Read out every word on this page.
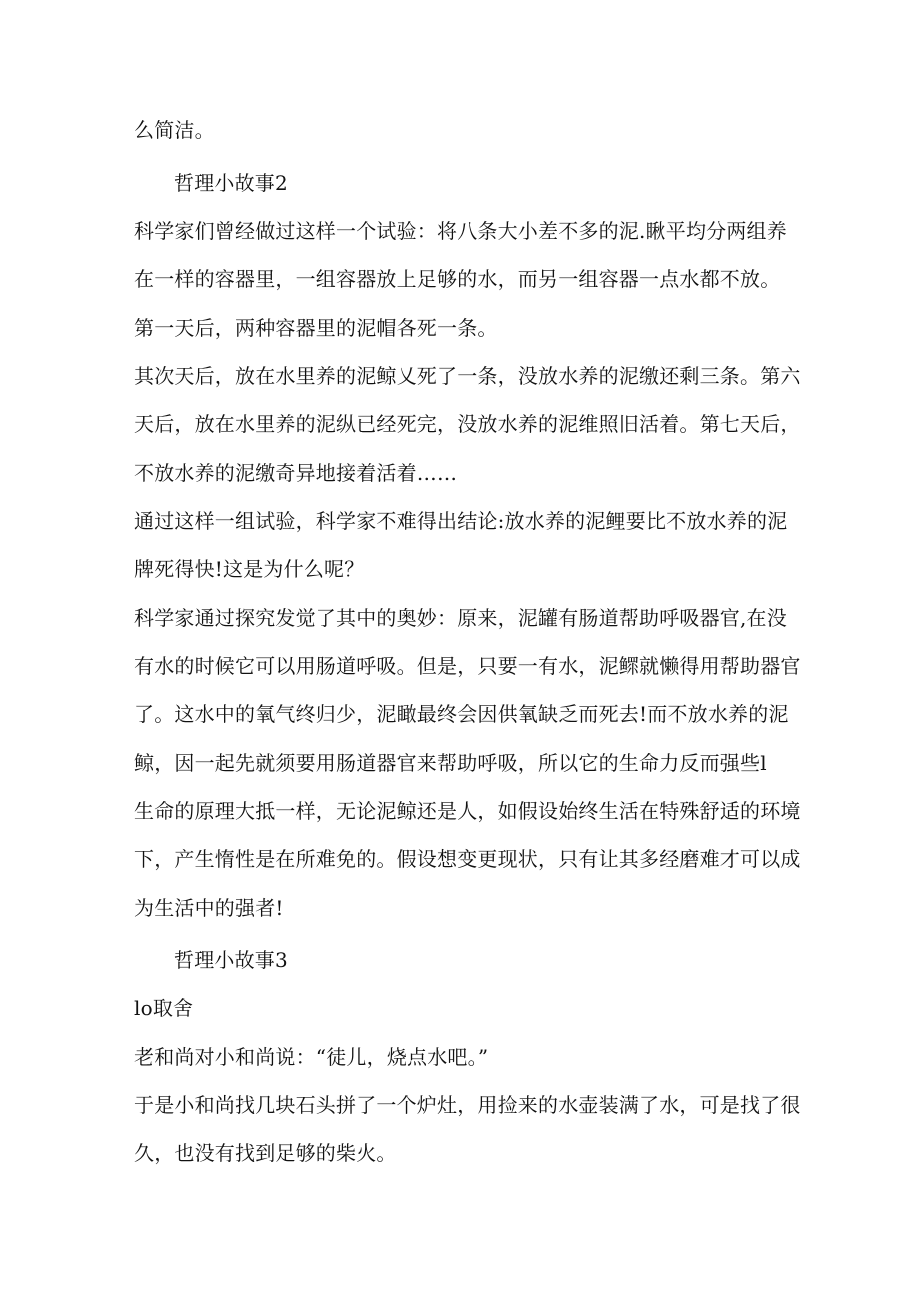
么简洁。
哲理小故事2
科学家们曾经做过这样一个试验：将八条大小差不多的泥.瞅平均分两组养
在一样的容器里，一组容器放上足够的水，而另一组容器一点水都不放。
第一天后，两种容器里的泥帽各死一条。
其次天后，放在水里养的泥鲸乂死了一条，没放水养的泥缴还剩三条。第六
天后，放在水里养的泥纵已经死完，没放水养的泥维照旧活着。第七天后，
不放水养的泥缴奇异地接着活着……
通过这样一组试验，科学家不难得出结论:放水养的泥鲤要比不放水养的泥
牌死得快!这是为什么呢？
科学家通过探究发觉了其中的奥妙：原来，泥罐有肠道帮助呼吸器官,在没
有水的时候它可以用肠道呼吸。但是，只要一有水，泥鳏就懒得用帮助器官
了。这水中的氧气终归少，泥瞰最终会因供氧缺乏而死去!而不放水养的泥
鲸，因一起先就须要用肠道器官来帮助呼吸，所以它的生命力反而强些l
生命的原理大抵一样，无论泥鲸还是人，如假设始终生活在特殊舒适的环境
下，产生惰性是在所难免的。假设想变更现状，只有让其多经磨难才可以成
为生活中的强者!
哲理小故事3
lo取舍
老和尚对小和尚说：“徒儿，烧点水吧。”
于是小和尚找几块石头拼了一个炉灶，用捡来的水壶装满了水，可是找了很
久，也没有找到足够的柴火。
